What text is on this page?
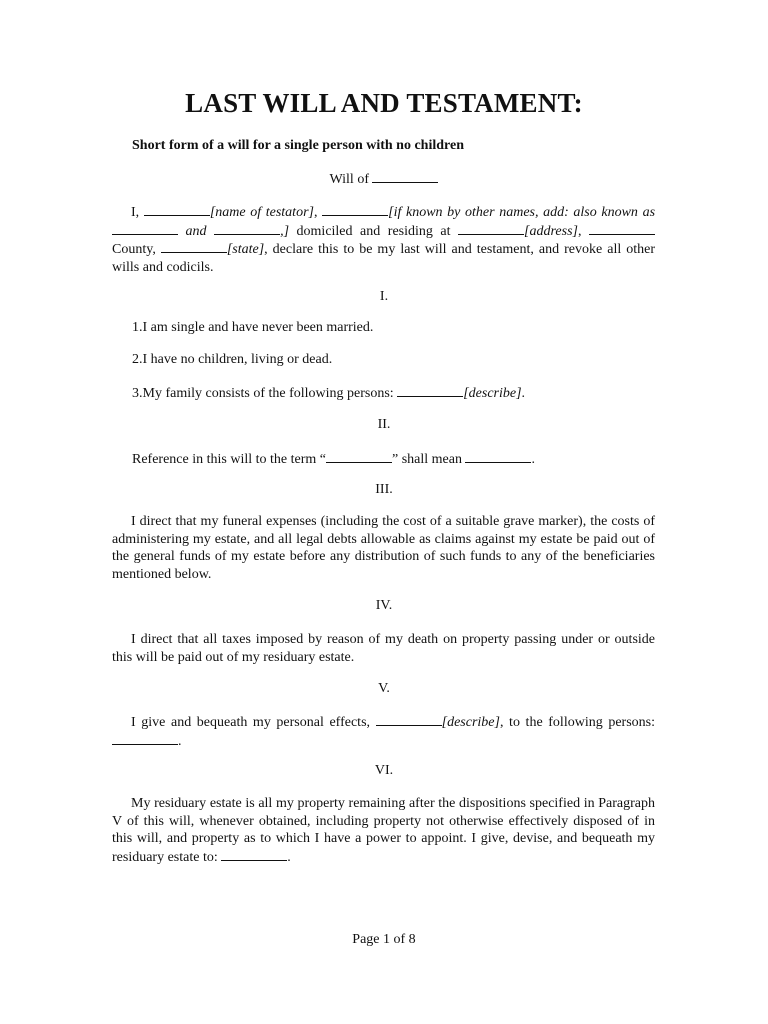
LAST WILL AND TESTAMENT:
Short form of a will for a single person with no children
Will of
I,	[name of testator],	[if known by other names, add: also known as  and	,] domiciled and residing at	[address],  County,	[state], declare this to be my last will and testament, and revoke all other wills and codicils.
I.
1.I am single and have never been married.
2.I have no children, living or dead.
3.My family consists of the following persons:	[describe].
II.
Reference in this will to the term “	” shall mean	.
III.
I direct that my funeral expenses (including the cost of a suitable grave marker), the costs of administering my estate, and all legal debts allowable as claims against my estate be paid out of the general funds of my estate before any distribution of such funds to any of the beneficiaries mentioned below.
IV.
I direct that all taxes imposed by reason of my death on property passing under or outside this will be paid out of my residuary estate.
V.
I give and bequeath my personal effects,	[describe], to the following persons: .
VI.
My residuary estate is all my property remaining after the dispositions specified in Paragraph V of this will, whenever obtained, including property not otherwise effectively disposed of in this will, and property as to which I have a power to appoint. I give, devise, and bequeath my residuary estate to:	.
Page 1 of 8
